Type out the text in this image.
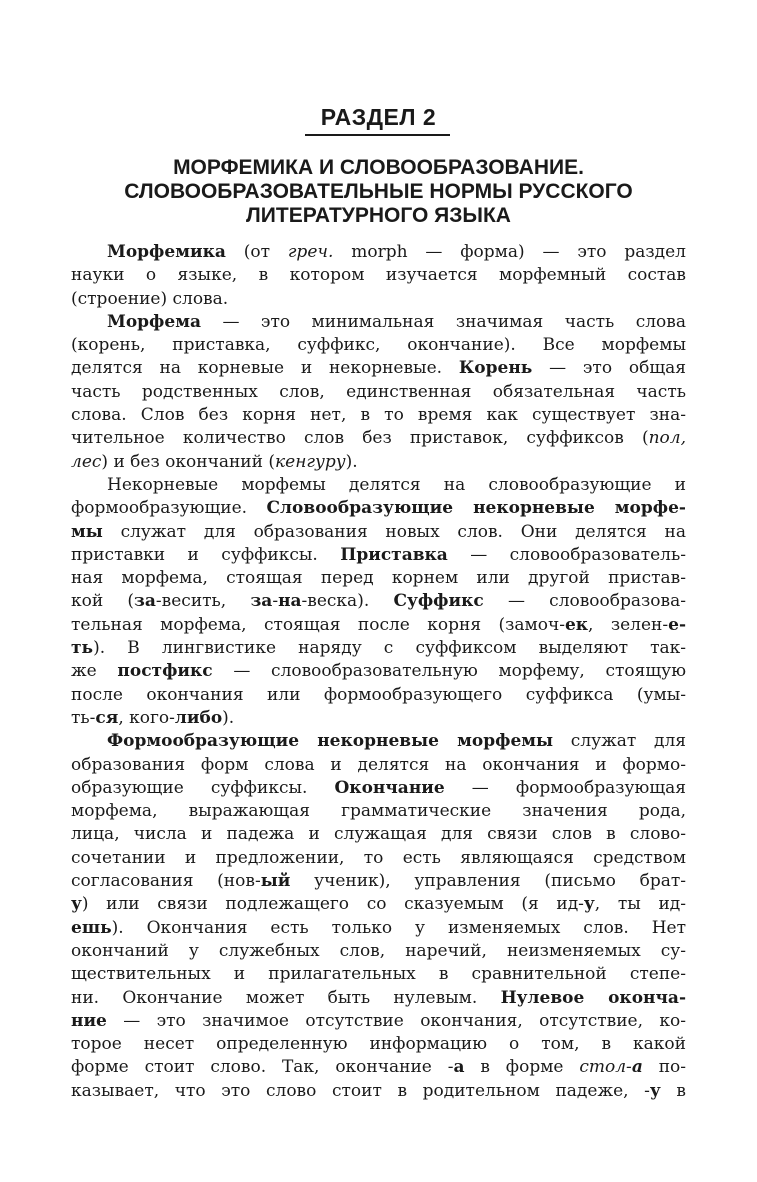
РАЗДЕЛ 2
МОРФЕМИКА И СЛОВООБРАЗОВАНИЕ.
СЛОВООБРАЗОВАТЕЛЬНЫЕ НОРМЫ РУССКОГО
ЛИТЕРАТУРНОГО ЯЗЫКА
Морфемика (от греч. morph — форма) — это раздел
науки о языке, в котором изучается морфемный состав
(строение) слова.
Морфема — это минимальная значимая часть слова
(корень, приставка, суффикс, окончание). Все морфемы
делятся на корневые и некорневые. Корень — это общая
часть родственных слов, единственная обязательная часть
слова. Слов без корня нет, в то время как существует зна-
чительное количество слов без приставок, суффиксов (пол,
лес) и без окончаний (кенгуру).
Некорневые морфемы делятся на словообразующие и
формообразующие. Словообразующие некорневые морфе-
мы служат для образования новых слов. Они делятся на
приставки и суффиксы. Приставка — словообразователь-
ная морфема, стоящая перед корнем или другой пристав-
кой (за-весить, за-на-веска). Суффикс — словообразова-
тельная морфема, стоящая после корня (замоч-ек, зелен-е-
ть). В лингвистике наряду с суффиксом выделяют так-
же постфикс — словообразовательную морфему, стоящую
после окончания или формообразующего суффикса (умы-
ть-ся, кого-либо).
Формообразующие некорневые морфемы служат для
образования форм слова и делятся на окончания и формо-
образующие суффиксы. Окончание — формообразующая
морфема, выражающая грамматические значения рода,
лица, числа и падежа и служащая для связи слов в слово-
сочетании и предложении, то есть являющаяся средством
согласования (нов-ый ученик), управления (письмо брат-
у) или связи подлежащего со сказуемым (я ид-у, ты ид-
ешь). Окончания есть только у изменяемых слов. Нет
окончаний у служебных слов, наречий, неизменяемых су-
ществительных и прилагательных в сравнительной степе-
ни. Окончание может быть нулевым. Нулевое оконча-
ние — это значимое отсутствие окончания, отсутствие, ко-
торое несет определенную информацию о том, в какой
форме стоит слово. Так, окончание -а в форме стол-а по-
казывает, что это слово стоит в родительном падеже, -у в
